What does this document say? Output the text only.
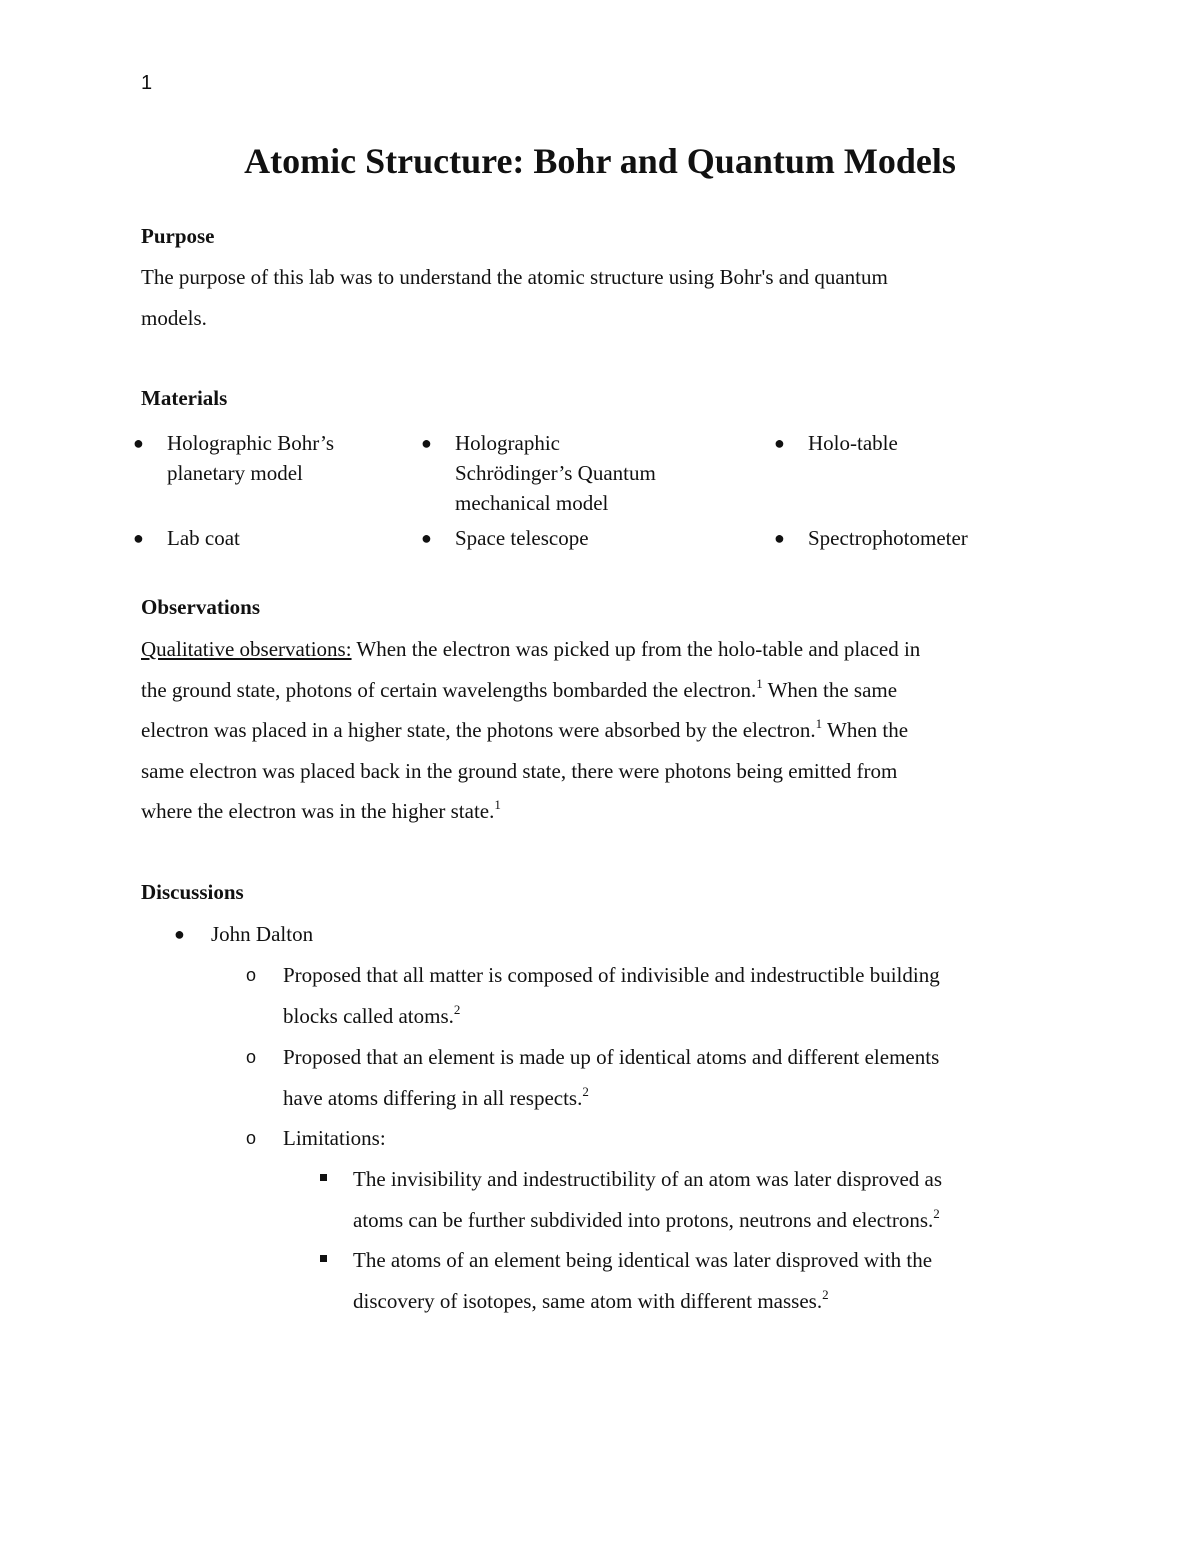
1
Atomic Structure: Bohr and Quantum Models
Purpose
The purpose of this lab was to understand the atomic structure using Bohr's and quantum
models.
Materials
● Holographic Bohr’s
planetary model
● Holographic
Schrödinger’s Quantum
mechanical model
● Holo-table
● Lab coat	● Space telescope	● Spectrophotometer
Observations
Qualitative observations: When the electron was picked up from the holo-table and placed in
the ground state, photons of certain wavelengths bombarded the electron.$^1$ When the same
electron was placed in a higher state, the photons were absorbed by the electron.$^1$ When the
same electron was placed back in the ground state, there were photons being emitted from
where the electron was in the higher state.$^1$
Discussions
● John Dalton
o Proposed that all matter is composed of indivisible and indestructible building
blocks called atoms.$^2$
o Proposed that an element is made up of identical atoms and different elements
have atoms differing in all respects.$^2$
o Limitations:
The invisibility and indestructibility of an atom was later disproved as
atoms can be further subdivided into protons, neutrons and electrons.$^2$
The atoms of an element being identical was later disproved with the
discovery of isotopes, same atom with different masses.$^2$
